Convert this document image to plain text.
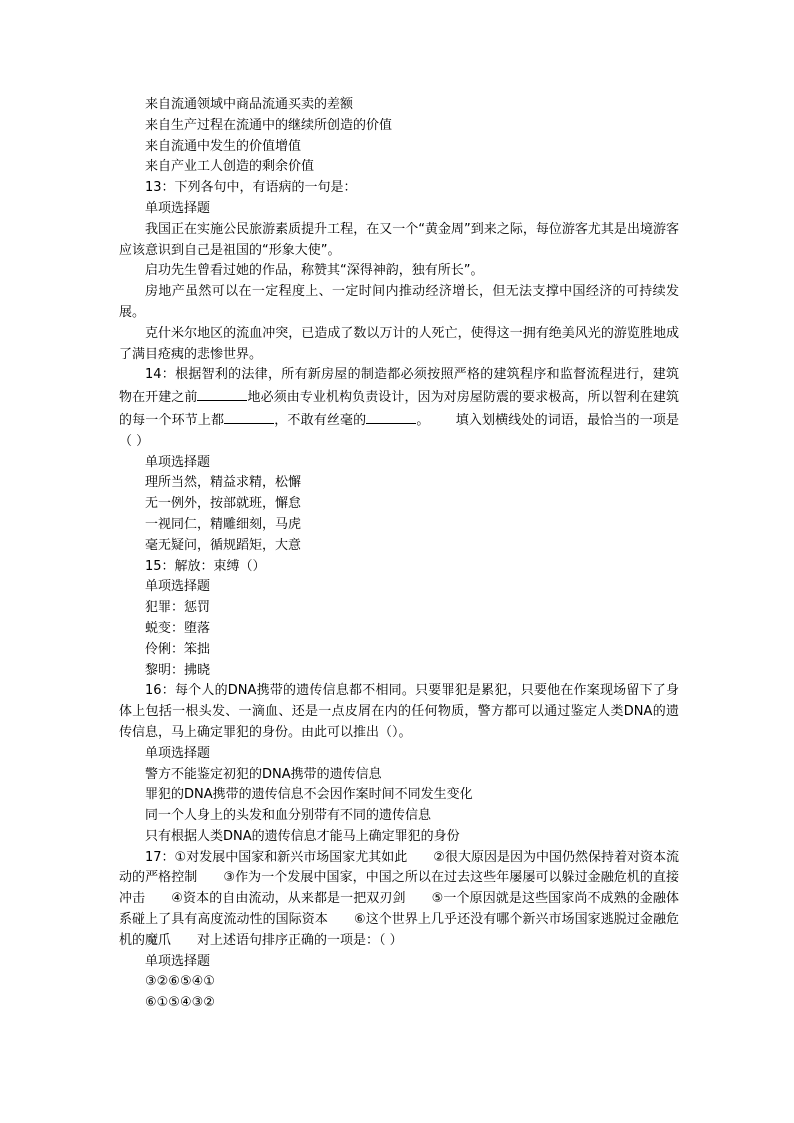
来自流通领域中商品流通买卖的差额

来自生产过程在流通中的继续所创造的价值

来自流通中发生的价值增值

来自产业工人创造的剩余价值

13：下列各句中，有语病的一句是：

单项选择题

我国正在实施公民旅游素质提升工程，在又一个“黄金周”到来之际，每位游客尤其是出境游客应该意识到自己是祖国的“形象大使”。

启功先生曾看过她的作品，称赞其“深得神韵，独有所长”。

房地产虽然可以在一定程度上、一定时间内推动经济增长，但无法支撑中国经济的可持续发展。

克什米尔地区的流血冲突，已造成了数以万计的人死亡，使得这一拥有绝美风光的游览胜地成了满目疮痍的悲惨世界。

14：根据智利的法律，所有新房屋的制造都必须按照严格的建筑程序和监督流程进行，建筑物在开建之前	地必须由专业机构负责设计，因为对房屋防震的要求极高，所以智利在建筑的每一个环节上都	，不敢有丝毫的	。 填入划横线处的词语，最恰当的一项是（ ）

单项选择题

理所当然，精益求精，松懈

无一例外，按部就班，懈怠

一视同仁，精雕细刻，马虎

毫无疑问，循规蹈矩，大意

15：解放：束缚（）

单项选择题

犯罪：惩罚

蜕变：堕落

伶俐：笨拙

黎明：拂晓

16：每个人的DNA携带的遗传信息都不相同。只要罪犯是累犯，只要他在作案现场留下了身体上包括一根头发、一滴血、还是一点皮屑在内的任何物质，警方都可以通过鉴定人类DNA的遗传信息，马上确定罪犯的身份。由此可以推出（）。

单项选择题

警方不能鉴定初犯的DNA携带的遗传信息

罪犯的DNA携带的遗传信息不会因作案时间不同发生变化

同一个人身上的头发和血分别带有不同的遗传信息

只有根据人类DNA的遗传信息才能马上确定罪犯的身份

17：①对发展中国家和新兴市场国家尤其如此 ②很大原因是因为中国仍然保持着对资本流动的严格控制 ③作为一个发展中国家，中国之所以在过去这些年屡屡可以躲过金融危机的直接冲击 ④资本的自由流动，从来都是一把双刃剑 ⑤一个原因就是这些国家尚不成熟的金融体系碰上了具有高度流动性的国际资本 ⑥这个世界上几乎还没有哪个新兴市场国家逃脱过金融危机的魔爪 对上述语句排序正确的一项是：（ ）

单项选择题

③②⑥⑤④①

⑥①⑤④③②
